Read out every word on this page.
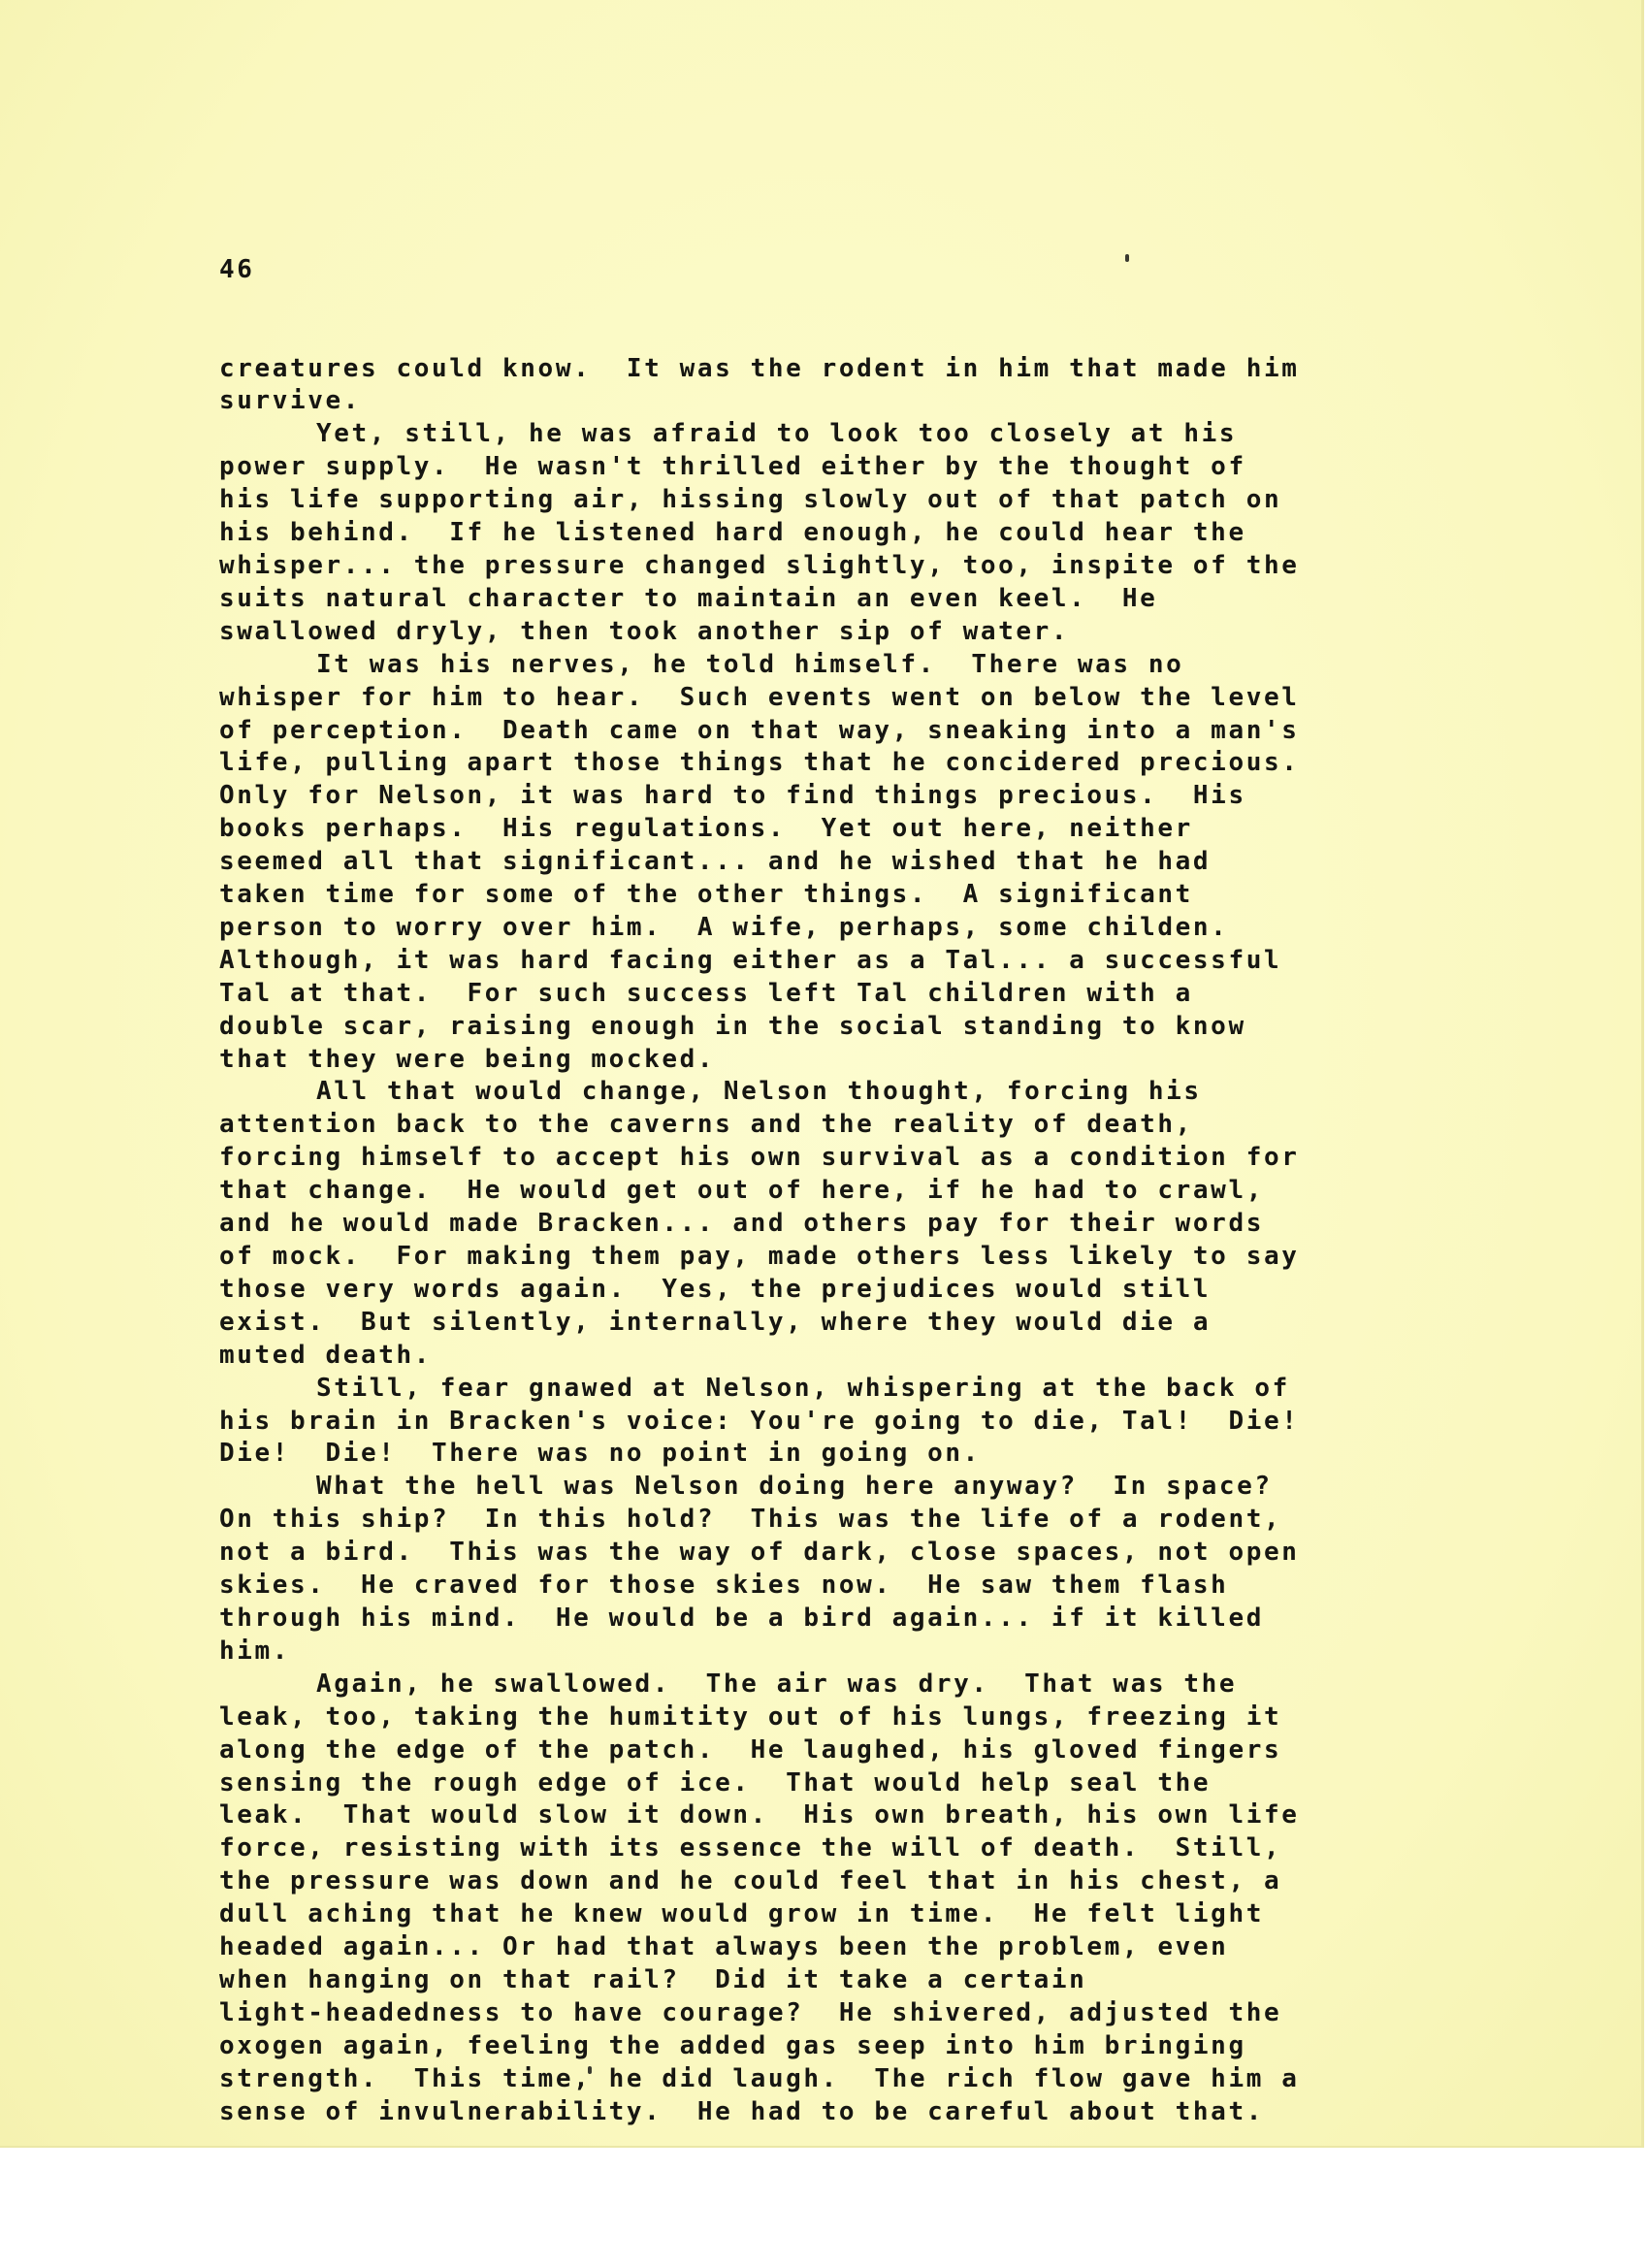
46

creatures could know.  It was the rodent in him that made him
survive.
Yet, still, he was afraid to look too closely at his
power supply.  He wasn't thrilled either by the thought of
his life supporting air, hissing slowly out of that patch on
his behind.  If he listened hard enough, he could hear the
whisper... the pressure changed slightly, too, inspite of the
suits natural character to maintain an even keel.  He
swallowed dryly, then took another sip of water.
It was his nerves, he told himself.  There was no
whisper for him to hear.  Such events went on below the level
of perception.  Death came on that way, sneaking into a man's
life, pulling apart those things that he concidered precious.
Only for Nelson, it was hard to find things precious.  His
books perhaps.  His regulations.  Yet out here, neither
seemed all that significant... and he wished that he had
taken time for some of the other things.  A significant
person to worry over him.  A wife, perhaps, some childen.
Although, it was hard facing either as a Tal... a successful
Tal at that.  For such success left Tal children with a
double scar, raising enough in the social standing to know
that they were being mocked.
All that would change, Nelson thought, forcing his
attention back to the caverns and the reality of death,
forcing himself to accept his own survival as a condition for
that change.  He would get out of here, if he had to crawl,
and he would made Bracken... and others pay for their words
of mock.  For making them pay, made others less likely to say
those very words again.  Yes, the prejudices would still
exist.  But silently, internally, where they would die a
muted death.
Still, fear gnawed at Nelson, whispering at the back of
his brain in Bracken's voice: You're going to die, Tal!  Die!
Die!  Die!  There was no point in going on.
What the hell was Nelson doing here anyway?  In space?
On this ship?  In this hold?  This was the life of a rodent,
not a bird.  This was the way of dark, close spaces, not open
skies.  He craved for those skies now.  He saw them flash
through his mind.  He would be a bird again... if it killed
him.
Again, he swallowed.  The air was dry.  That was the
leak, too, taking the humitity out of his lungs, freezing it
along the edge of the patch.  He laughed, his gloved fingers
sensing the rough edge of ice.  That would help seal the
leak.  That would slow it down.  His own breath, his own life
force, resisting with its essence the will of death.  Still,
the pressure was down and he could feel that in his chest, a
dull aching that he knew would grow in time.  He felt light
headed again... Or had that always been the problem, even
when hanging on that rail?  Did it take a certain
light-headedness to have courage?  He shivered, adjusted the
oxogen again, feeling the added gas seep into him bringing
strength.  This time, he did laugh.  The rich flow gave him a
sense of invulnerability.  He had to be careful about that.
